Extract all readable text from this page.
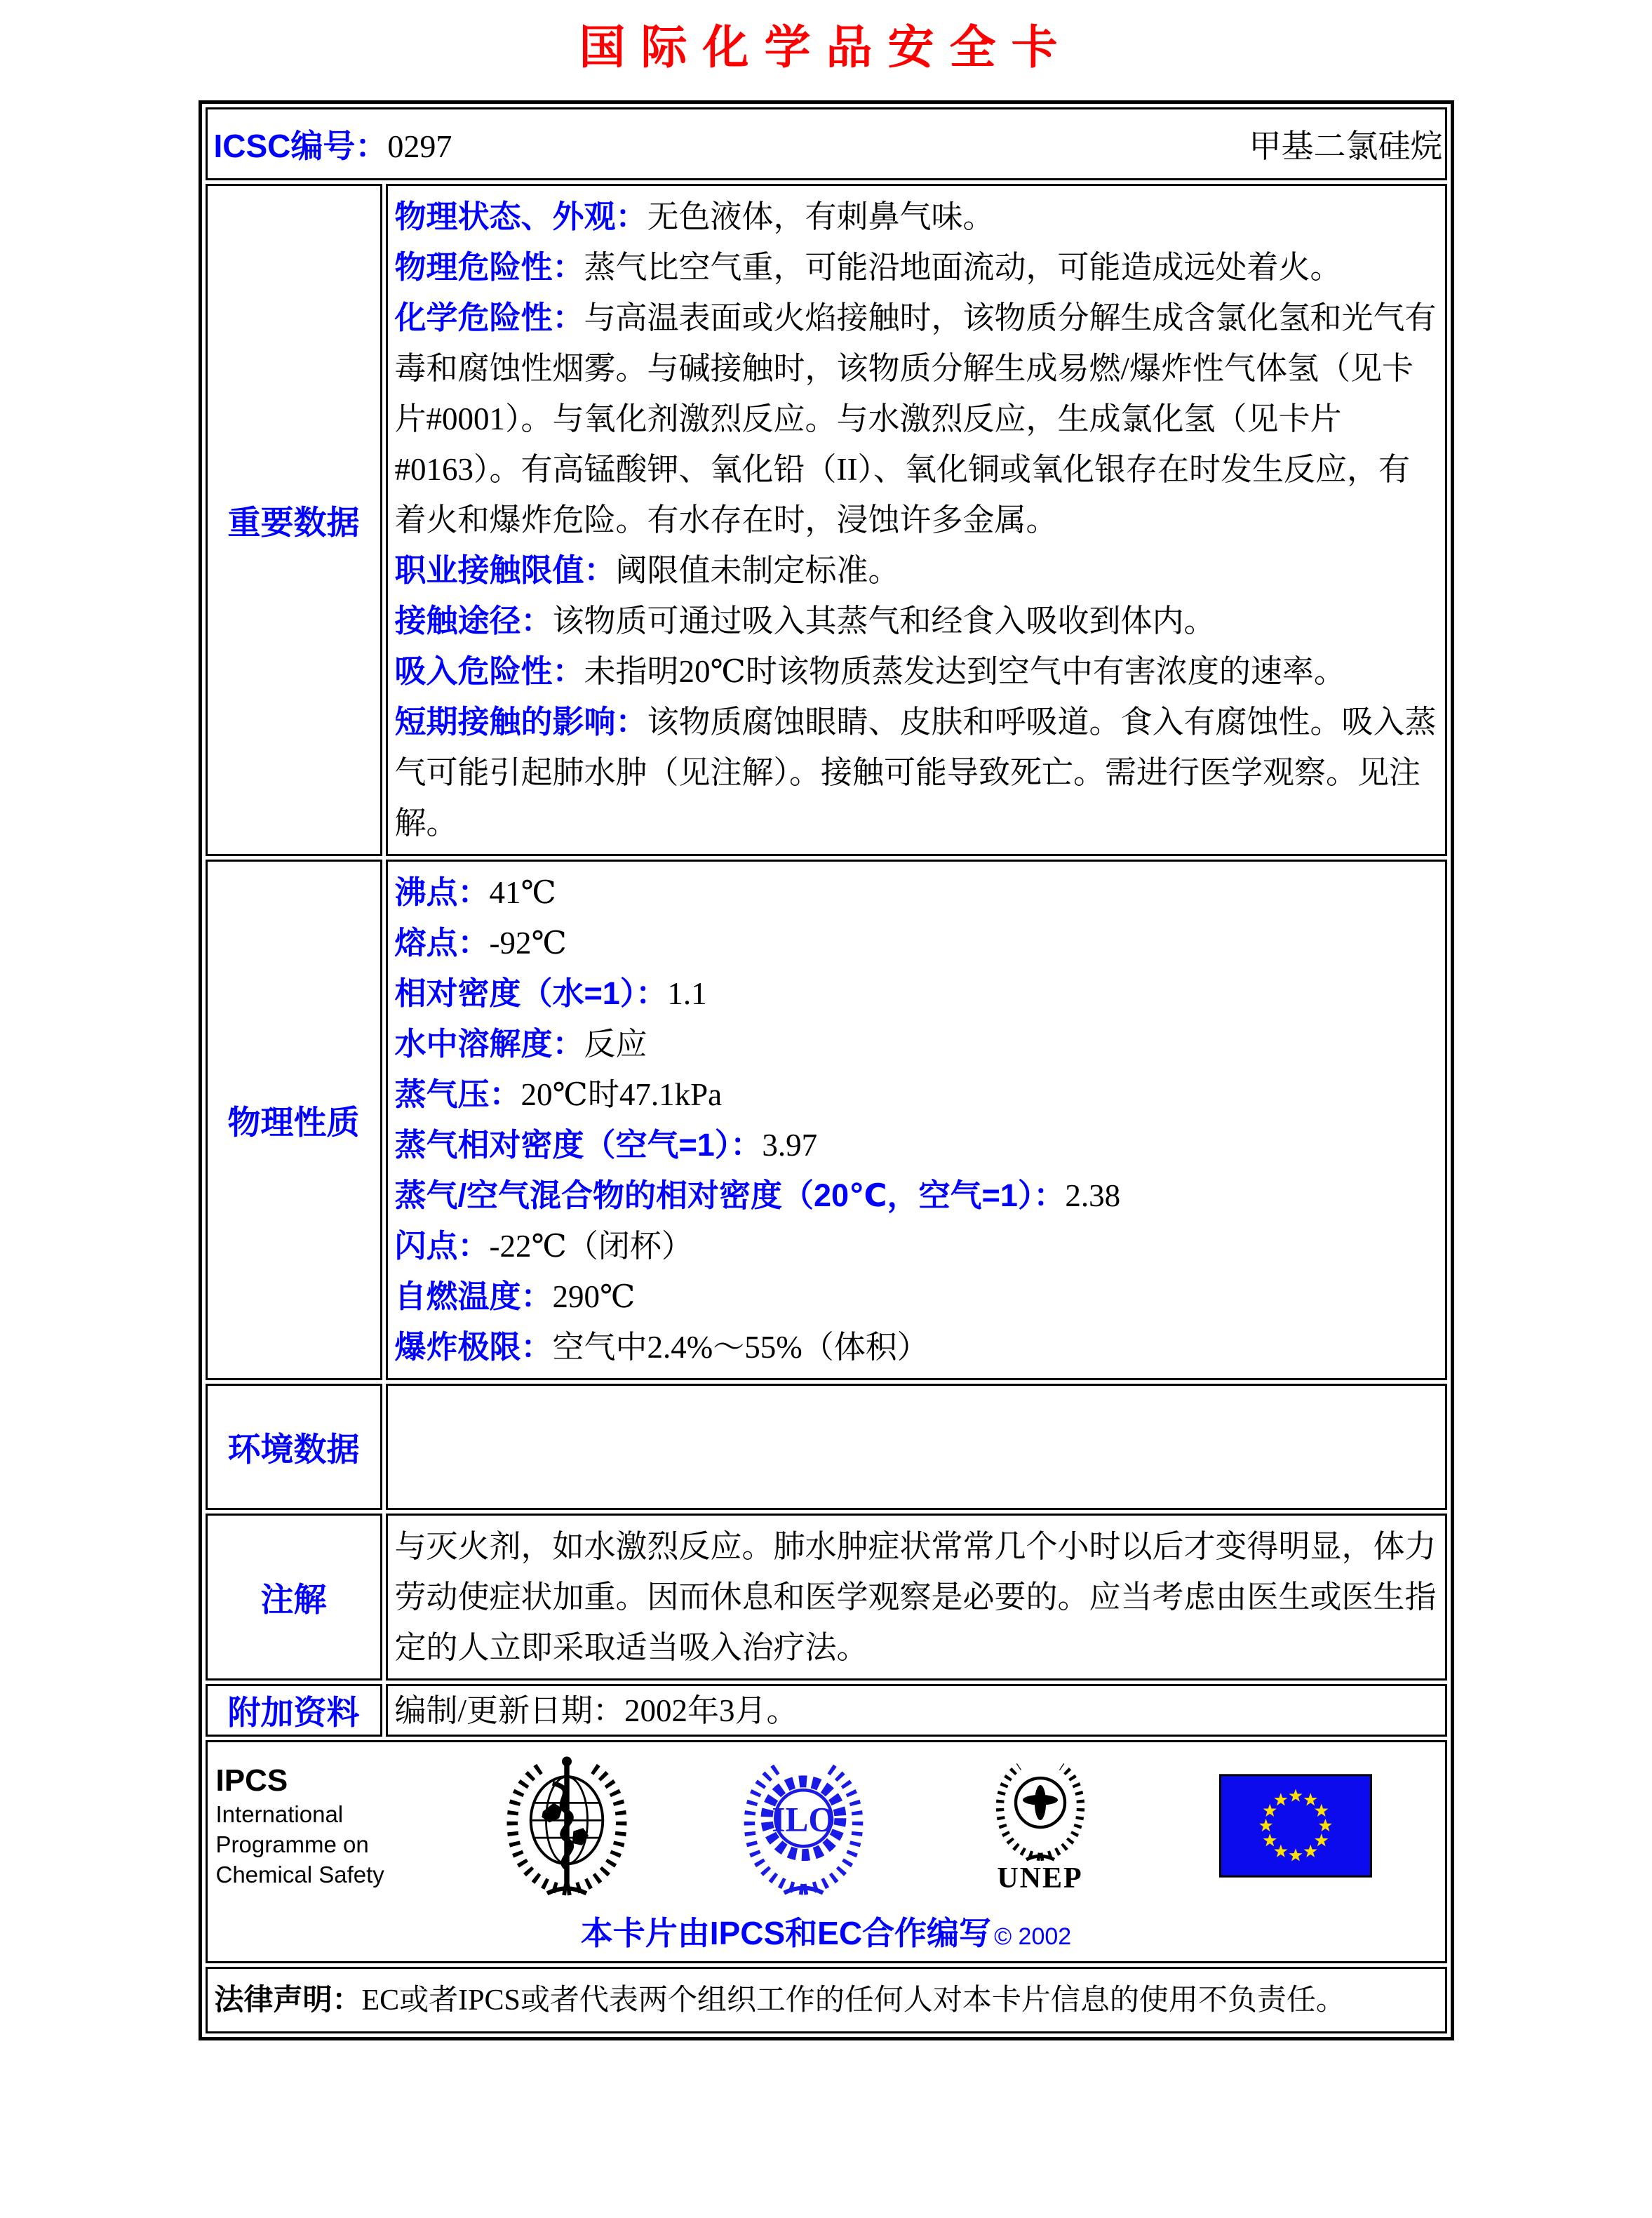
国际化学品安全卡
ICSC编号：0297 甲基二氯硅烷	

重要数据	

物理状态、外观：无色液体，有刺鼻气味。

物理危险性：蒸气比空气重，可能沿地面流动，可能造成远处着火。

化学危险性：与高温表面或火焰接触时，该物质分解生成含氯化氢和光气有毒和腐蚀性烟雾。与碱接触时，该物质分解生成易燃/爆炸性气体氢（见卡片#0001）。与氧化剂激烈反应。与水激烈反应，生成氯化氢（见卡片#0163）。有高锰酸钾、氧化铅（II）、氧化铜或氧化银存在时发生反应，有着火和爆炸危险。有水存在时，浸蚀许多金属。

职业接触限值：阈限值未制定标准。

接触途径：该物质可通过吸入其蒸气和经食入吸收到体内。

吸入危险性：未指明20℃时该物质蒸发达到空气中有害浓度的速率。

短期接触的影响：该物质腐蚀眼睛、皮肤和呼吸道。食入有腐蚀性。吸入蒸气可能引起肺水肿（见注解）。接触可能导致死亡。需进行医学观察。见注解。

物理性质	

沸点：41℃

熔点：-92℃

相对密度（水=1）：1.1

水中溶解度：反应

蒸气压：20℃时47.1kPa

蒸气相对密度（空气=1）：3.97

蒸气/空气混合物的相对密度（20℃，空气=1）：2.38

闪点：-22℃（闭杯）

自燃温度：290℃

爆炸极限：空气中2.4%～55%（体积）

环境数据	
注解	与灭火剂，如水激烈反应。肺水肿症状常常几个小时以后才变得明显，体力劳动使症状加重。因而休息和医学观察是必要的。应当考虑由医生或医生指定的人立即采取适当吸入治疗法。

附加资料	编制/更新日期：2002年3月。

IPCS
International
Programme on
Chemical Safety
ILO
UNEP
本卡片由IPCS和EC合作编写 © 2002

法律声明：EC或者IPCS或者代表两个组织工作的任何人对本卡片信息的使用不负责任。	
